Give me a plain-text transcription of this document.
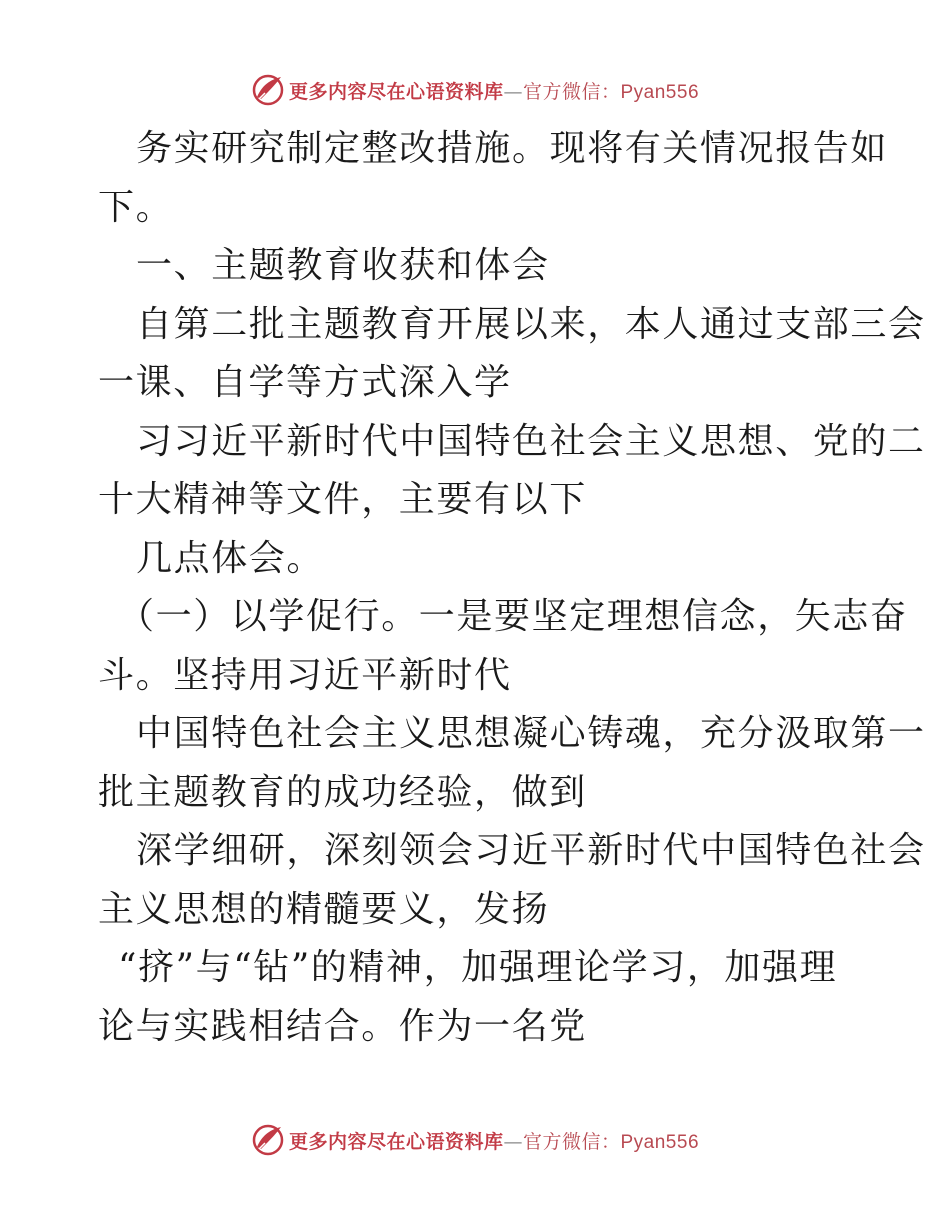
更多内容尽在心语资料库—官方微信：Pyan556
务实研究制定整改措施。现将有关情况报告如
下。
一、主题教育收获和体会
自第二批主题教育开展以来，本人通过支部三会
一课、自学等方式深入学
习习近平新时代中国特色社会主义思想、党的二
十大精神等文件，主要有以下
几点体会。
（一）以学促行。一是要坚定理想信念，矢志奋
斗。坚持用习近平新时代
中国特色社会主义思想凝心铸魂，充分汲取第一
批主题教育的成功经验，做到
深学细研，深刻领会习近平新时代中国特色社会
主义思想的精髓要义，发扬
“挤”与“钻”的精神，加强理论学习，加强理
论与实践相结合。作为一名党
更多内容尽在心语资料库—官方微信：Pyan556
